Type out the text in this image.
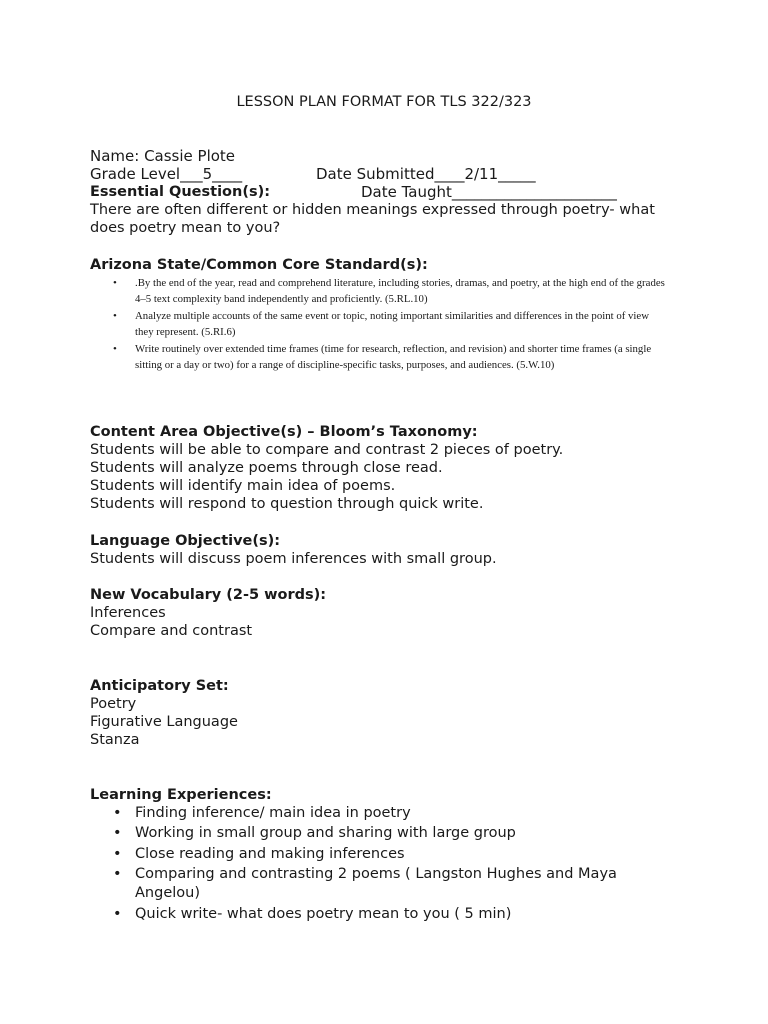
LESSON PLAN FORMAT FOR TLS 322/323

Name: Cassie Plote

Date Submitted____2/11_____

Grade Level___5____

Date Taught______________________

Essential Question(s):

There are often different or hidden meanings expressed through poetry- what

does poetry mean to you?

Arizona State/Common Core Standard(s):
• .By the end of the year, read and comprehend literature, including stories, dramas, and poetry, at the high end of the grades 4–5 text complexity band independently and proficiently. (5.RL.10)
• Analyze multiple accounts of the same event or topic, noting important similarities and differences in the point of view they represent. (5.RI.6)
• Write routinely over extended time frames (time for research, reflection, and revision) and shorter time frames (a single sitting or a day or two) for a range of discipline-specific tasks, purposes, and audiences. (5.W.10)
Content Area Objective(s) – Bloom’s Taxonomy:

Students will be able to compare and contrast 2 pieces of poetry.

Students will analyze poems through close read.

Students will identify main idea of poems.

Students will respond to question through quick write.

Language Objective(s):

Students will discuss poem inferences with small group.

New Vocabulary (2-5 words):

Inferences

Compare and contrast

Anticipatory Set:

Poetry

Figurative Language

Stanza

Learning Experiences:
• Finding inference/ main idea in poetry
• Working in small group and sharing with large group
• Close reading and making inferences
• Comparing and contrasting 2 poems ( Langston Hughes and Maya Angelou)
• Quick write- what does poetry mean to you ( 5 min)
